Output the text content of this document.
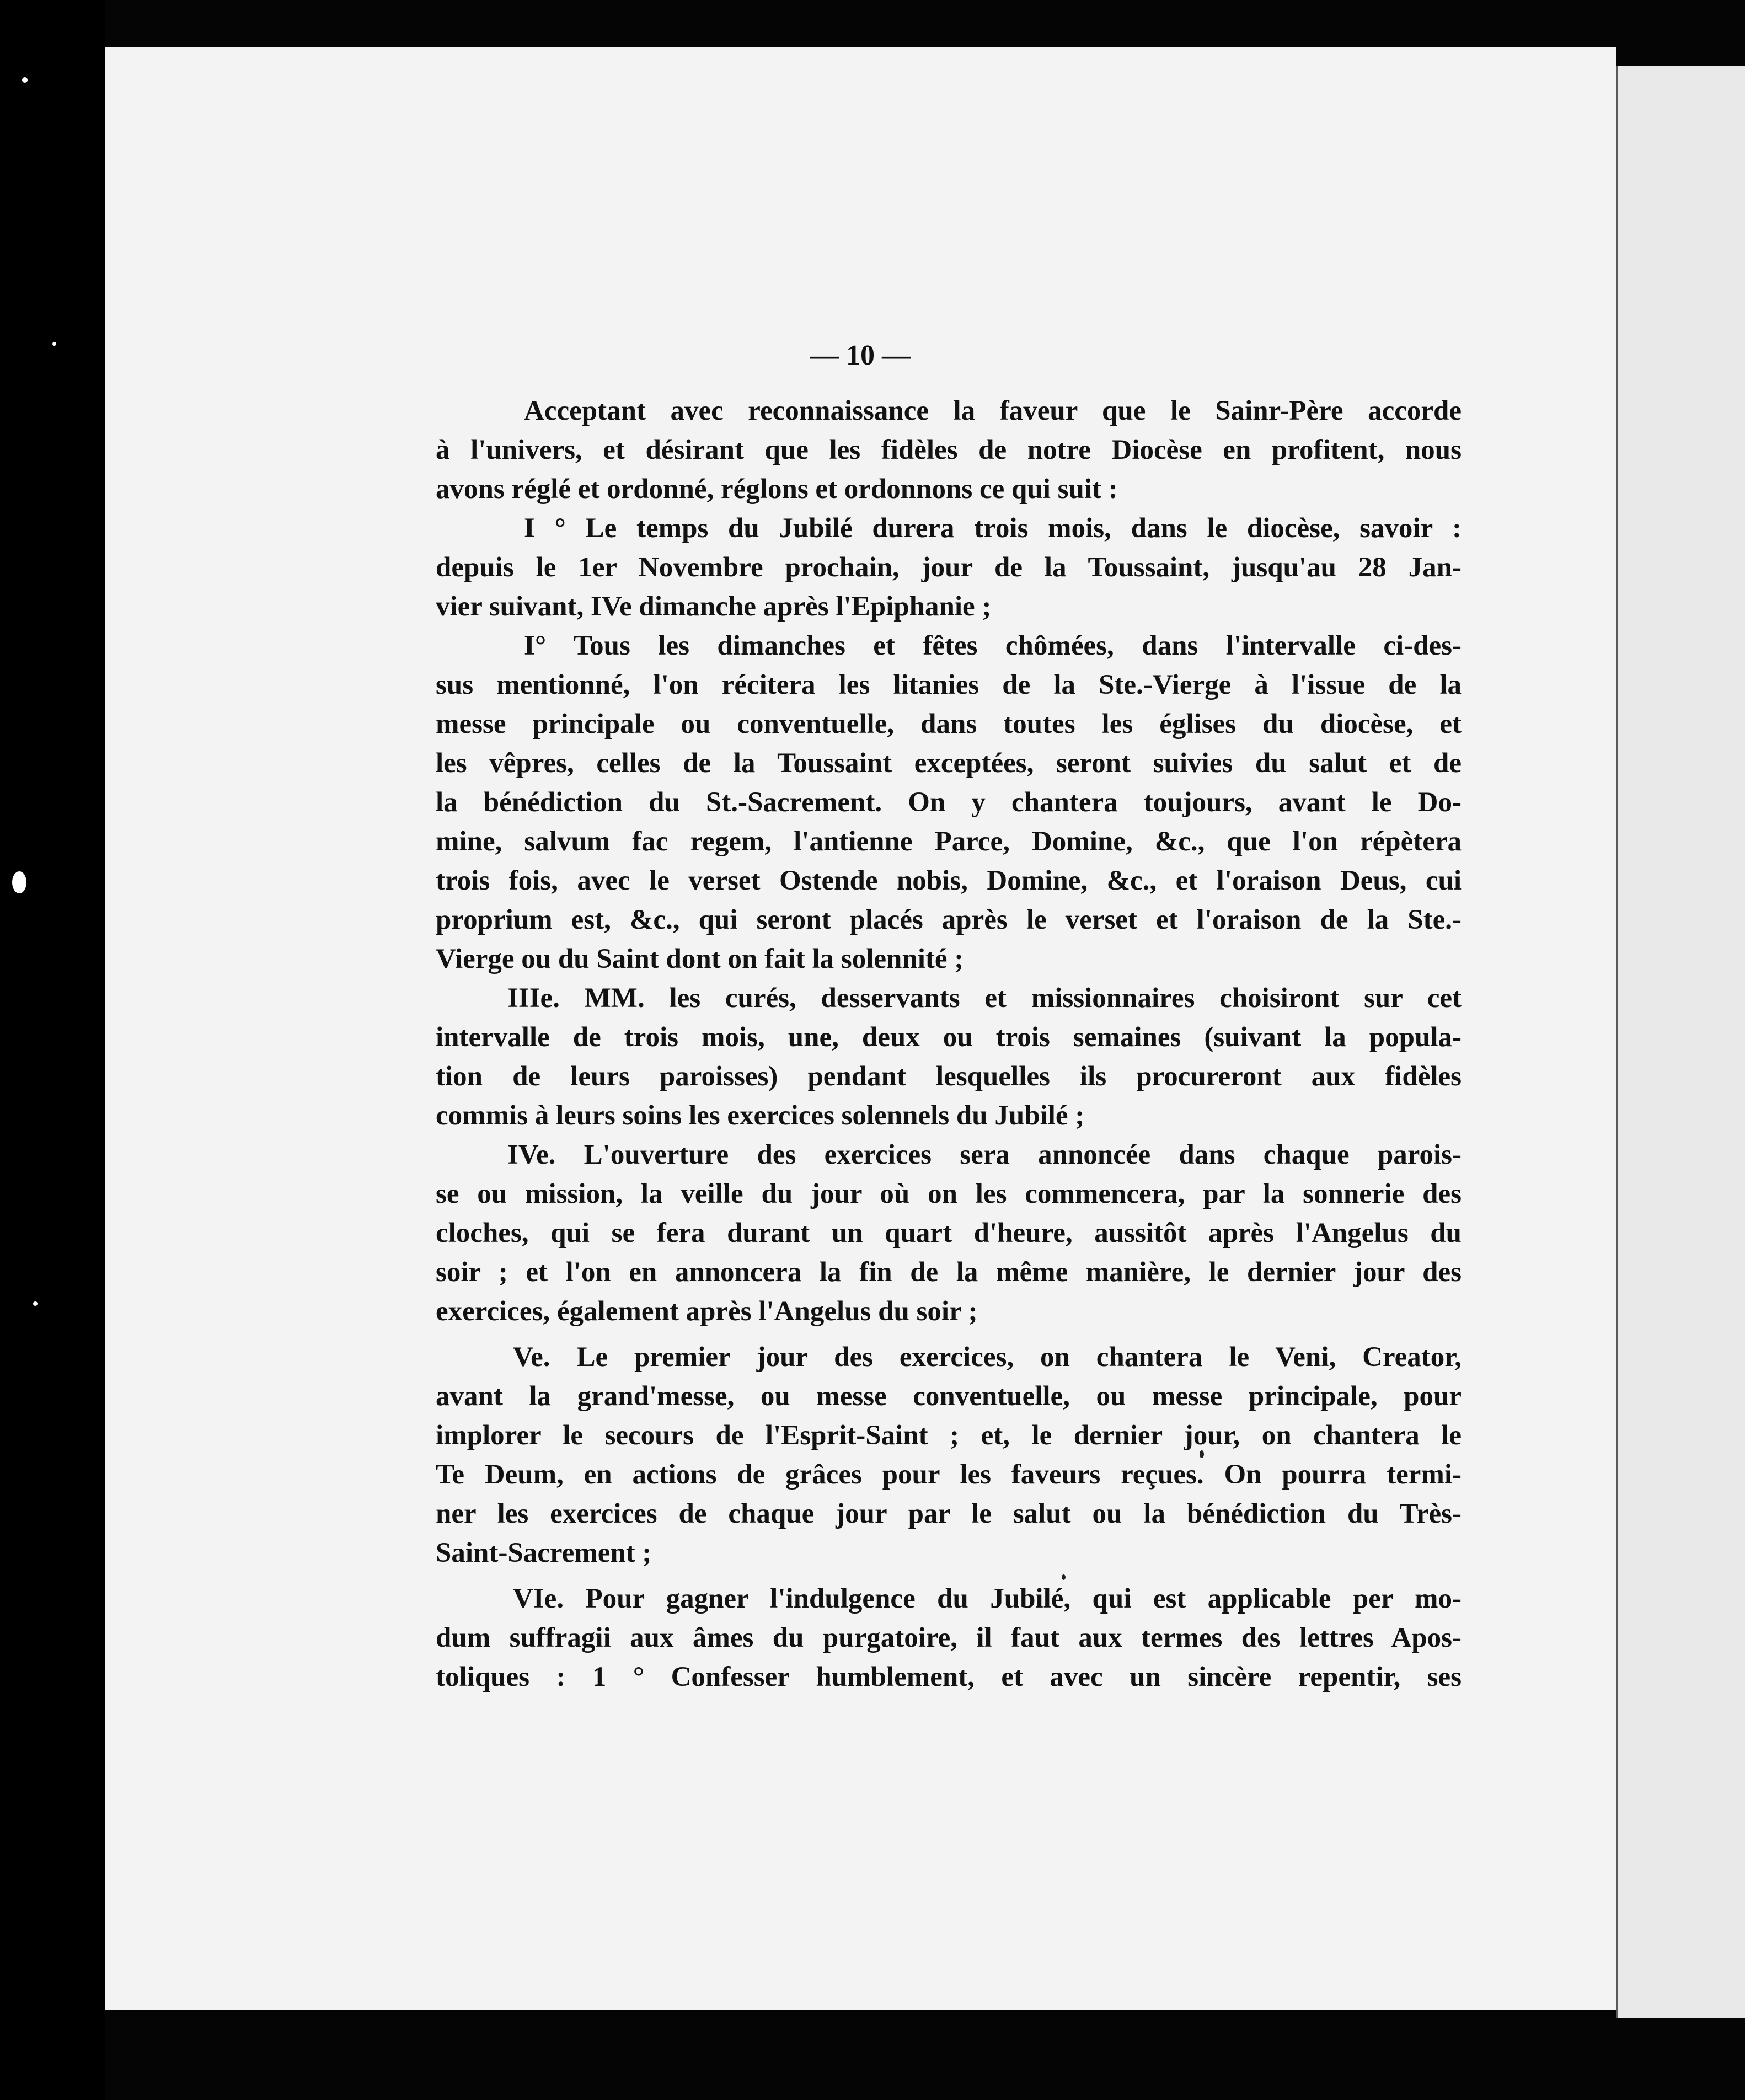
— 10 —

Acceptant avec reconnaissance la faveur que le Sainr-Père accorde
à l'univers, et désirant que les fidèles de notre Diocèse en profitent, nous
avons réglé et ordonné, réglons et ordonnons ce qui suit :

I ° Le temps du Jubilé durera trois mois, dans le diocèse, savoir :
depuis le 1er Novembre prochain, jour de la Toussaint, jusqu'au 28 Jan-
vier suivant, IVe dimanche après l'Epiphanie ;

I° Tous les dimanches et fêtes chômées, dans l'intervalle ci-des-
sus mentionné, l'on récitera les litanies de la Ste.-Vierge à l'issue de la
messe principale ou conventuelle, dans toutes les églises du diocèse, et
les vêpres, celles de la Toussaint exceptées, seront suivies du salut et de
la bénédiction du St.-Sacrement. On y chantera toujours, avant le Do-
mine, salvum fac regem, l'antienne Parce, Domine, &c., que l'on répètera
trois fois, avec le verset Ostende nobis, Domine, &c., et l'oraison Deus, cui
proprium est, &c., qui seront placés après le verset et l'oraison de la Ste.-
Vierge ou du Saint dont on fait la solennité ;

IIIe. MM. les curés, desservants et missionnaires choisiront sur cet
intervalle de trois mois, une, deux ou trois semaines (suivant la popula-
tion de leurs paroisses) pendant lesquelles ils procureront aux fidèles
commis à leurs soins les exercices solennels du Jubilé ;

IVe. L'ouverture des exercices sera annoncée dans chaque parois-
se ou mission, la veille du jour où on les commencera, par la sonnerie des
cloches, qui se fera durant un quart d'heure, aussitôt après l'Angelus du
soir ; et l'on en annoncera la fin de la même manière, le dernier jour des
exercices, également après l'Angelus du soir ;

Ve. Le premier jour des exercices, on chantera le Veni, Creator,
avant la grand'messe, ou messe conventuelle, ou messe principale, pour
implorer le secours de l'Esprit-Saint ; et, le dernier jour, on chantera le
Te Deum, en actions de grâces pour les faveurs reçues. On pourra termi-
ner les exercices de chaque jour par le salut ou la bénédiction du Très-
Saint-Sacrement ;

VIe. Pour gagner l'indulgence du Jubilé, qui est applicable per mo-
dum suffragii aux âmes du purgatoire, il faut aux termes des lettres Apos-
toliques : 1 ° Confesser humblement, et avec un sincère repentir, ses
